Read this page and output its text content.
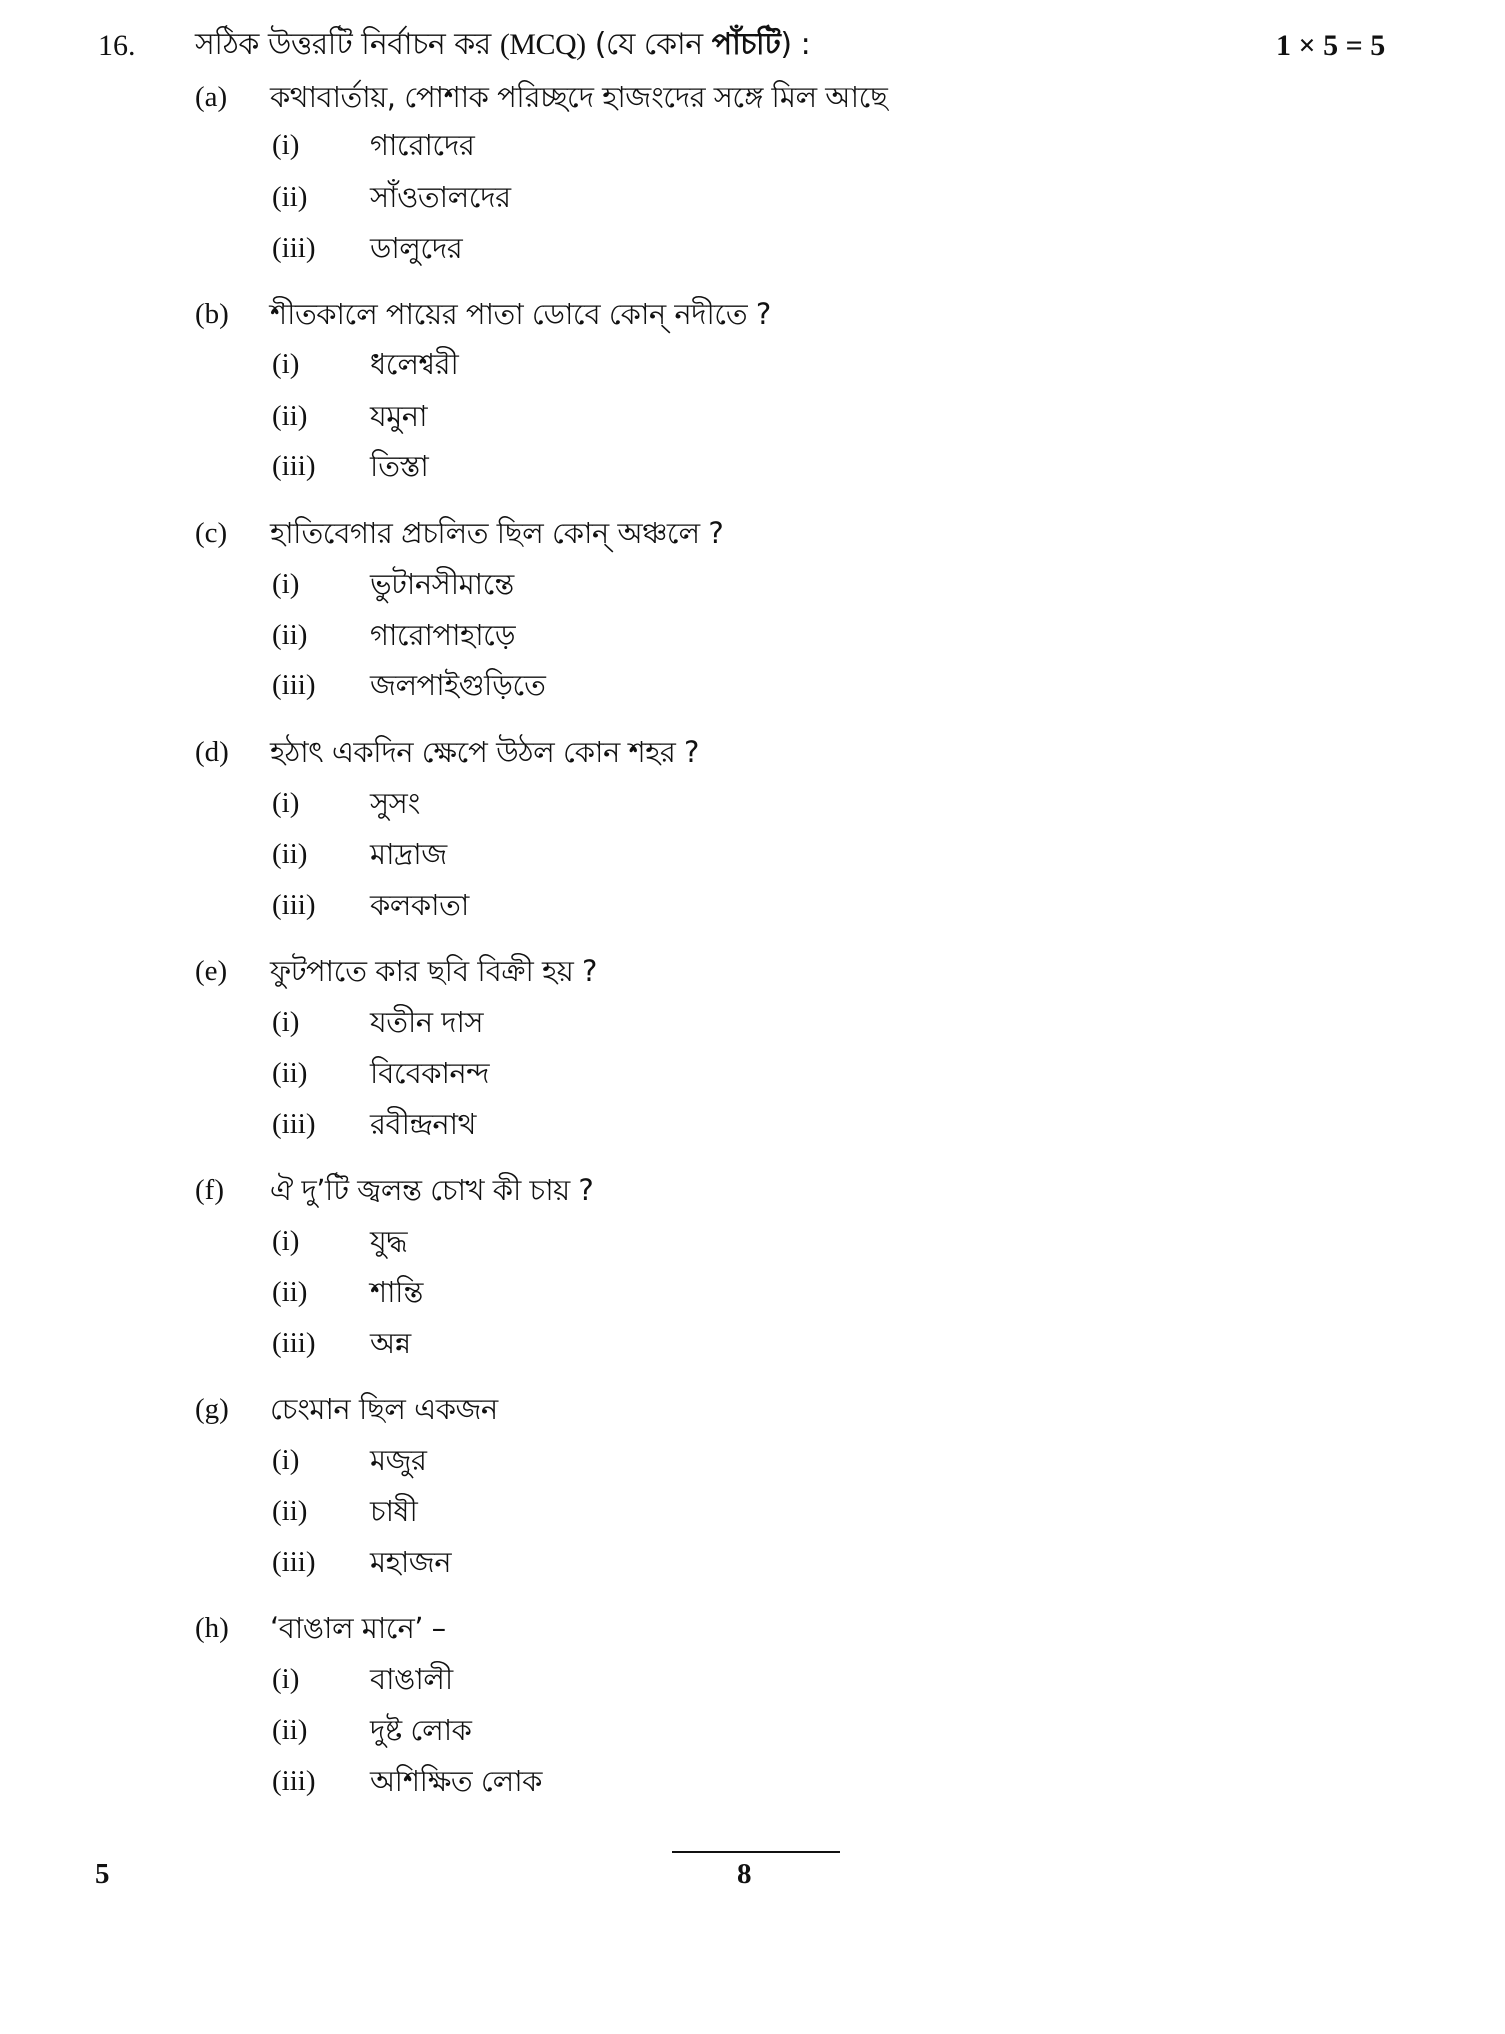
16. সঠিক উত্তরটি নির্বাচন কর (MCQ) (যে কোন পাঁচটি) :	1 × 5 = 5
(a) কথাবার্তায়, পোশাক পরিচ্ছদে হাজংদের সঙ্গে মিল আছে
(i) গারোদের
(ii) সাঁওতালদের
(iii) ডালুদের
(b) শীতকালে পায়ের পাতা ডোবে কোন্ নদীতে ?
(i) ধলেশ্বরী
(ii) যমুনা
(iii) তিস্তা
(c) হাতিবেগার প্রচলিত ছিল কোন্ অঞ্চলে ?
(i) ভুটানসীমান্তে
(ii) গারোপাহাড়ে
(iii) জলপাইগুড়িতে
(d) হঠাৎ একদিন ক্ষেপে উঠল কোন শহর ?
(i) সুসং
(ii) মাদ্রাজ
(iii) কলকাতা
(e) ফুটপাতে কার ছবি বিক্রী হয় ?
(i) যতীন দাস
(ii) বিবেকানন্দ
(iii) রবীন্দ্রনাথ
(f) ঐ দু’টি জ্বলন্ত চোখ কী চায় ?
(i) যুদ্ধ
(ii) শান্তি
(iii) অন্ন
(g) চেংমান ছিল একজন
(i) মজুর
(ii) চাষী
(iii) মহাজন
(h) ‘বাঙাল মানে’ –
(i) বাঙালী
(ii) দুষ্ট লোক
(iii) অশিক্ষিত লোক
5	8
